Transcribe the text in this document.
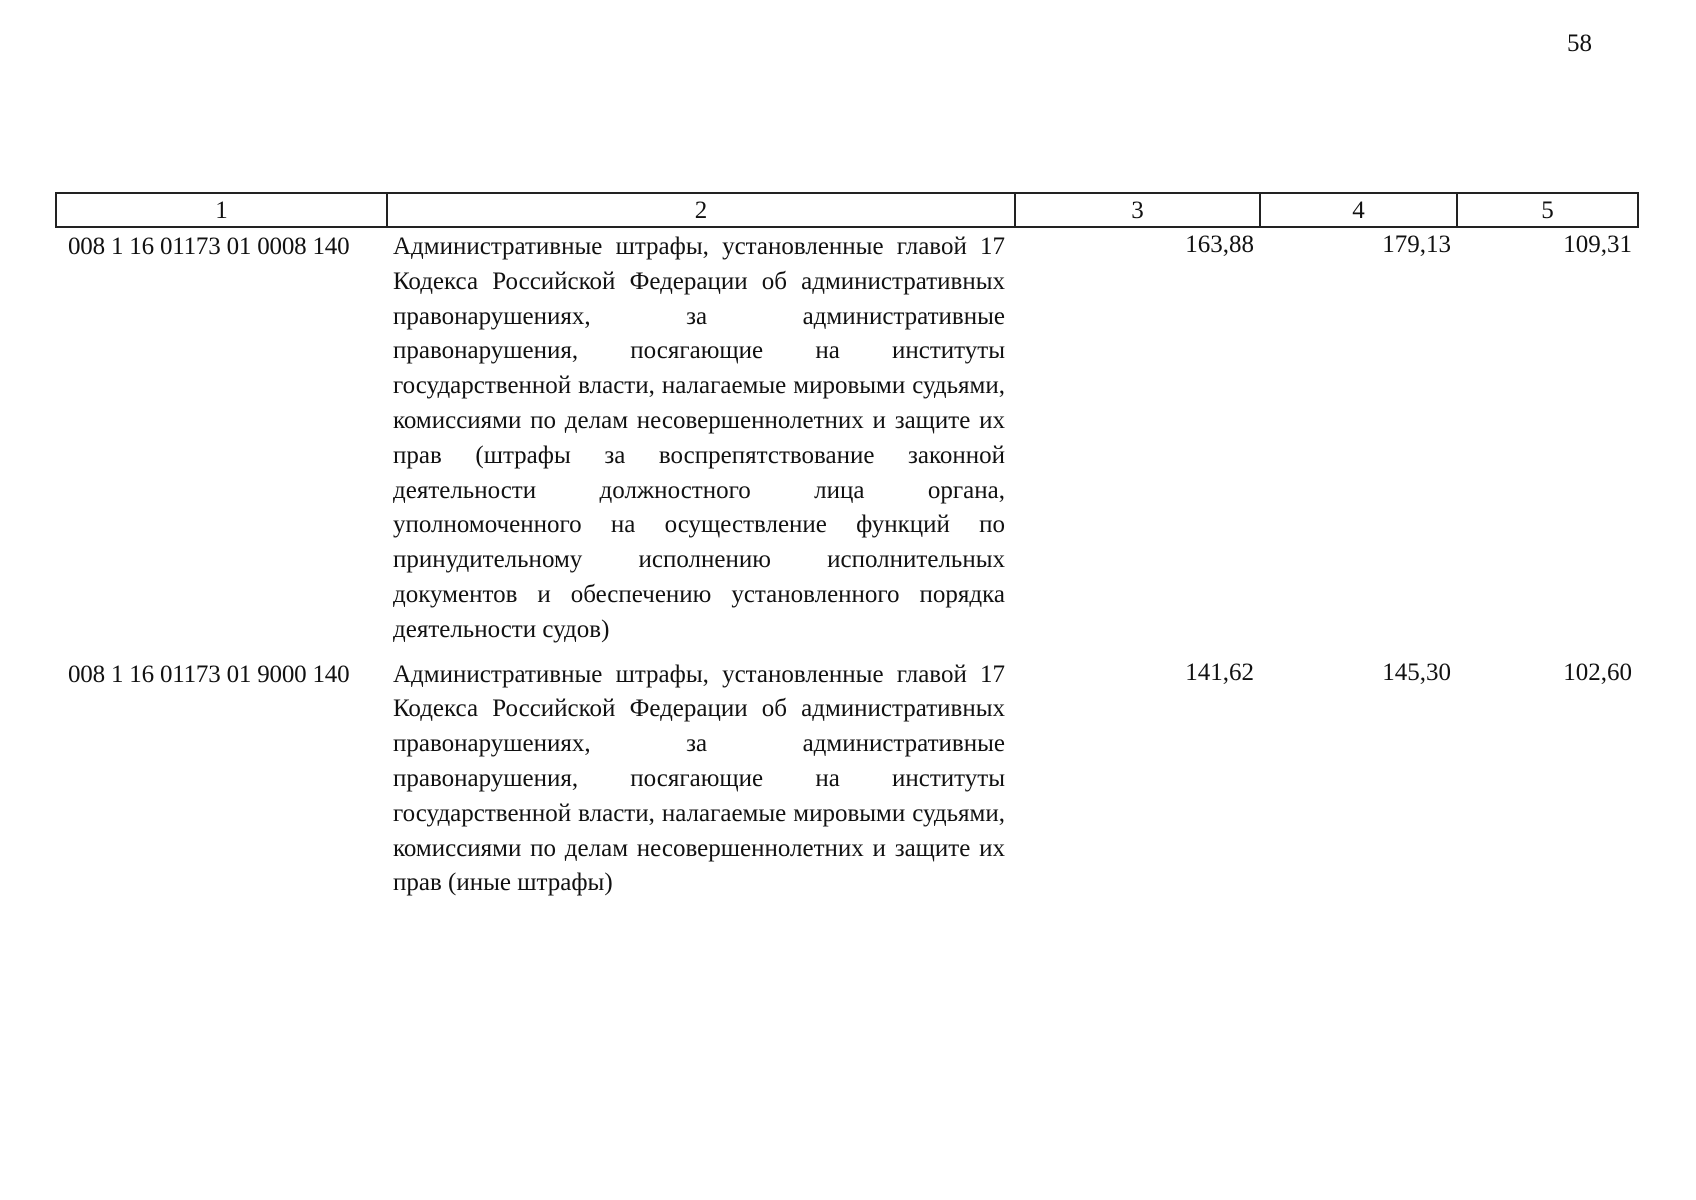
58
1	2	3	4	5
008 1 16 01173 01 0008 140	Административные штрафы, установленные главой 17 Кодекса Российской Федерации об административных правонарушениях, за административные правонарушения, посягающие на институты государственной власти, налагаемые мировыми судьями, комиссиями по делам несовершеннолетних и защите их прав (штрафы за воспрепятствование законной деятельности должностного лица органа, уполномоченного на осуществление функций по принудительному исполнению исполнительных документов и обеспечению установленного порядка деятельности судов)	163,88	179,13	109,31
008 1 16 01173 01 9000 140	Административные штрафы, установленные главой 17 Кодекса Российской Федерации об административных правонарушениях, за административные правонарушения, посягающие на институты государственной власти, налагаемые мировыми судьями, комиссиями по делам несовершеннолетних и защите их прав (иные штрафы)	141,62	145,30	102,60
